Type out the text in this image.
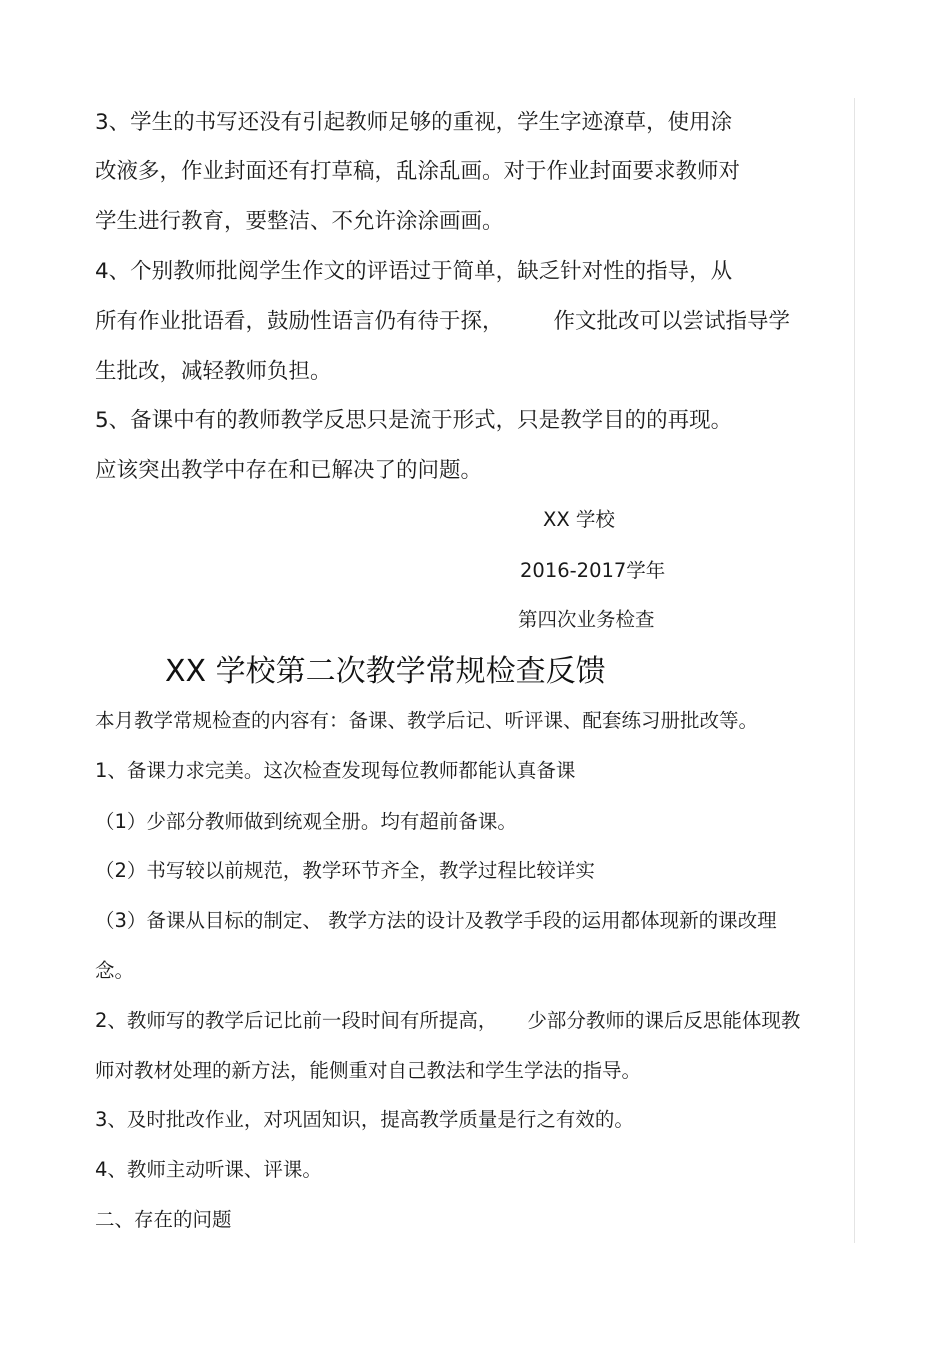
3、学生的书写还没有引起教师足够的重视，学生字迹潦草，使用涂
改液多，作业封面还有打草稿，乱涂乱画。对于作业封面要求教师对
学生进行教育，要整洁、不允许涂涂画画。
4、个别教师批阅学生作文的评语过于简单，缺乏针对性的指导，从
所有作业批语看，鼓励性语言仍有待于探， 作文批改可以尝试指导学
生批改，减轻教师负担。
5、备课中有的教师教学反思只是流于形式，只是教学目的的再现。
应该突出教学中存在和已解决了的问题。
XX 学校
2016-2017学年
第四次业务检查
XX 学校第二次教学常规检查反馈
本月教学常规检查的内容有：备课、教学后记、听评课、配套练习册批改等。
1、备课力求完美。这次检查发现每位教师都能认真备课
（1）少部分教师做到统观全册。均有超前备课。
（2）书写较以前规范，教学环节齐全，教学过程比较详实
（3）备课从目标的制定、 教学方法的设计及教学手段的运用都体现新的课改理
念。
2、教师写的教学后记比前一段时间有所提高， 少部分教师的课后反思能体现教
师对教材处理的新方法，能侧重对自己教法和学生学法的指导。
3、及时批改作业，对巩固知识，提高教学质量是行之有效的。
4、教师主动听课、评课。
二、存在的问题
